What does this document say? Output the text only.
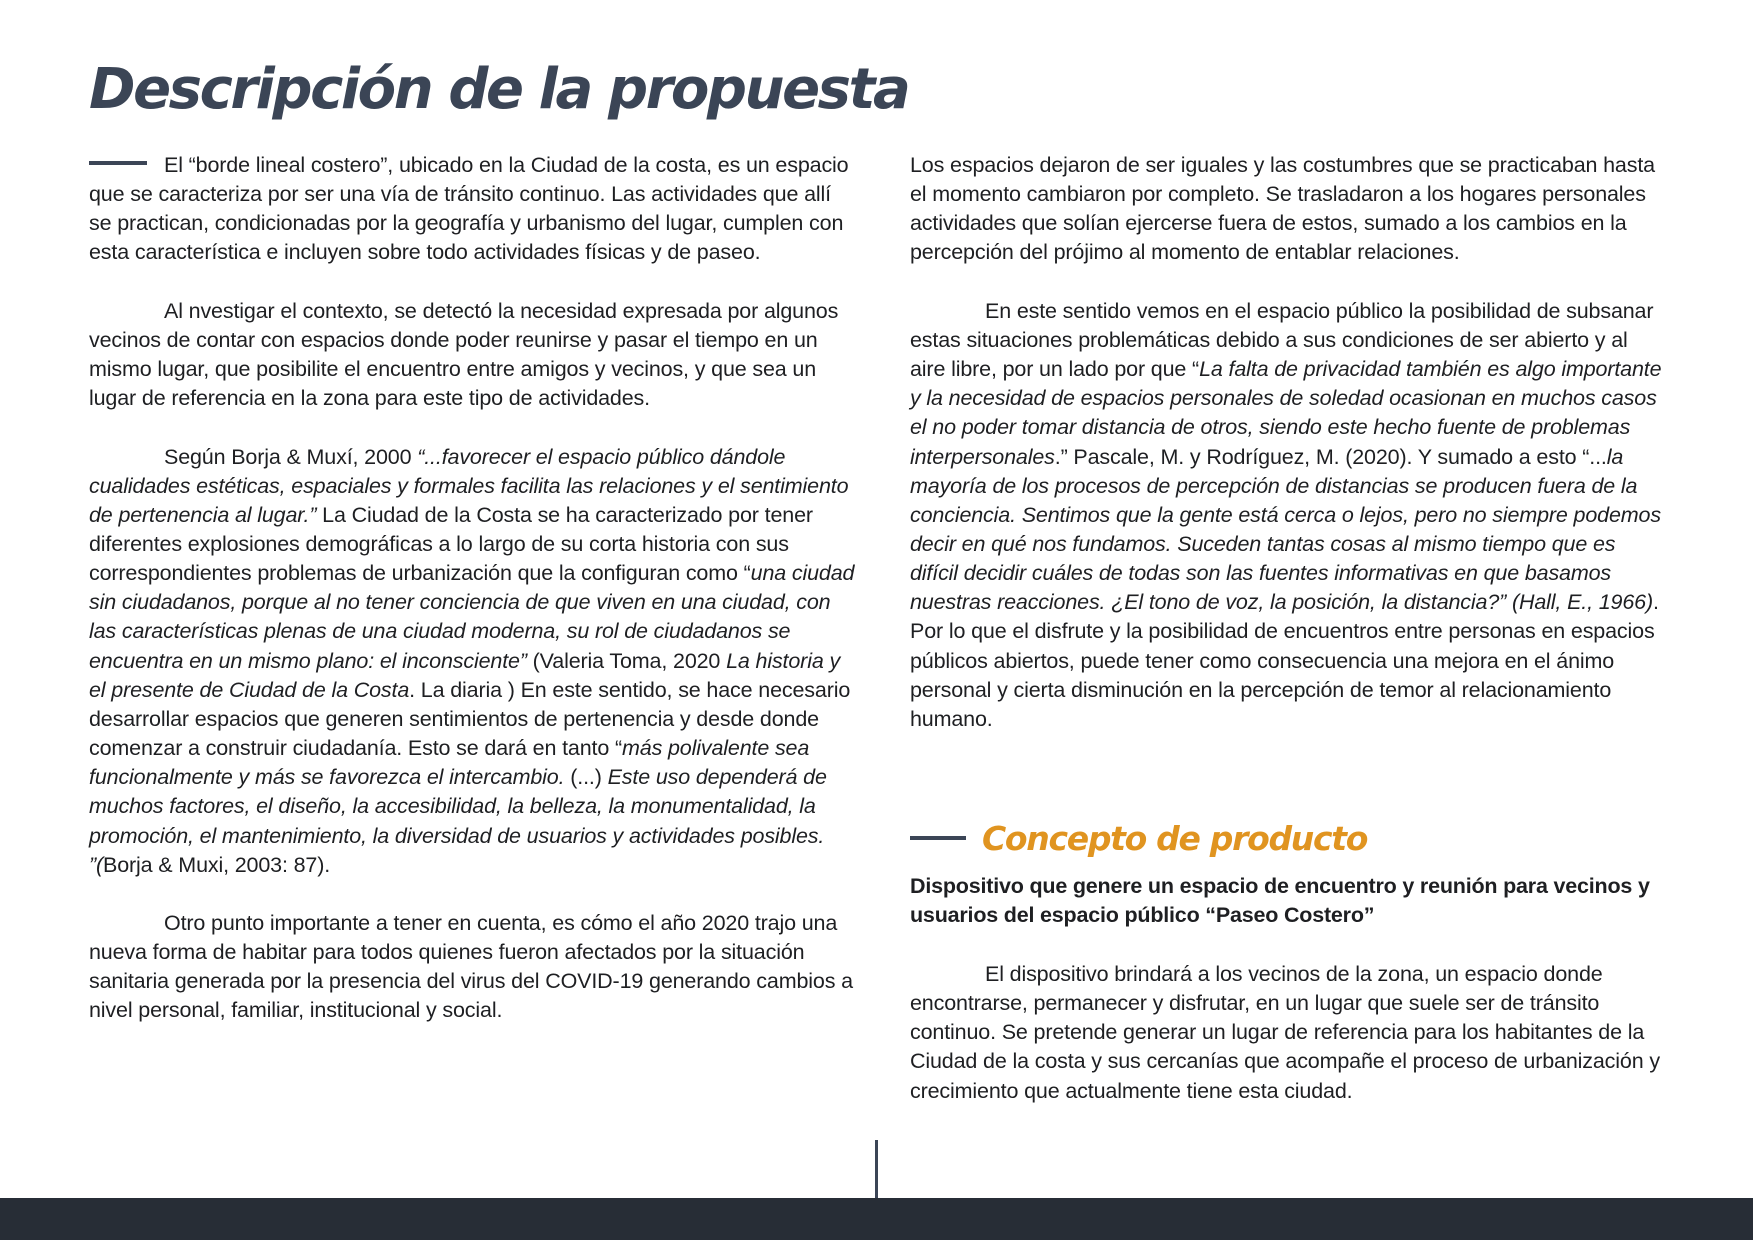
Descripción de la propuesta

El “borde lineal costero”, ubicado en la Ciudad de la costa, es un espacio que se caracteriza por ser una vía de tránsito continuo. Las actividades que allí se practican, condicionadas por la geografía y urbanismo del lugar, cumplen con esta característica e incluyen sobre todo actividades físicas y de paseo.

Al nvestigar el contexto, se detectó la necesidad expresada por algunos vecinos de contar con espacios donde poder reunirse y pasar el tiempo en un mismo lugar, que posibilite el encuentro entre amigos y vecinos, y que sea un lugar de referencia en la zona para este tipo de actividades.

Según Borja & Muxí, 2000 “...favorecer el espacio público dándole cualidades estéticas, espaciales y formales facilita las relaciones y el sentimiento de pertenencia al lugar.” La Ciudad de la Costa se ha caracterizado por tener diferentes explosiones demográficas a lo largo de su corta historia con sus correspondientes problemas de urbanización que la configuran como “una ciudad sin ciudadanos, porque al no tener conciencia de que viven en una ciudad, con las características plenas de una ciudad moderna, su rol de ciudadanos se encuentra en un mismo plano: el inconsciente” (Valeria Toma, 2020 La historia y el presente de Ciudad de la Costa. La diaria ) En este sentido, se hace necesario desarrollar espacios que generen sentimientos de pertenencia y desde donde comenzar a construir ciudadanía. Esto se dará en tanto “más polivalente sea funcionalmente y más se favorezca el intercambio. (...) Este uso dependerá de muchos factores, el diseño, la accesibilidad, la belleza, la monumentalidad, la promoción, el mantenimiento, la diversidad de usuarios y actividades posibles. ”(Borja & Muxi, 2003: 87).

Otro punto importante a tener en cuenta, es cómo el año 2020 trajo una nueva forma de habitar para todos quienes fueron afectados por la situación sanitaria generada por la presencia del virus del COVID-19 generando cambios a nivel personal, familiar, institucional y social.

Los espacios dejaron de ser iguales y las costumbres que se practicaban hasta el momento cambiaron por completo. Se trasladaron a los hogares personales actividades que solían ejercerse fuera de estos, sumado a los cambios en la percepción del prójimo al momento de entablar relaciones.

En este sentido vemos en el espacio público la posibilidad de subsanar estas situaciones problemáticas debido a sus condiciones de ser abierto y al aire libre, por un lado por que “La falta de privacidad también es algo importante y la necesidad de espacios personales de soledad ocasionan en muchos casos el no poder tomar distancia de otros, siendo este hecho fuente de problemas interpersonales.” Pascale, M. y Rodríguez, M. (2020). Y sumado a esto “...la mayoría de los procesos de percepción de distancias se producen fuera de la conciencia. Sentimos que la gente está cerca o lejos, pero no siempre podemos decir en qué nos fundamos. Suceden tantas cosas al mismo tiempo que es difícil decidir cuáles de todas son las fuentes informativas en que basamos nuestras reacciones. ¿El tono de voz, la posición, la distancia?” (Hall, E., 1966). Por lo que el disfrute y la posibilidad de encuentros entre personas en espacios públicos abiertos, puede tener como consecuencia una mejora en el ánimo personal y cierta disminución en la percepción de temor al relacionamiento humano.

Concepto de producto

Dispositivo que genere un espacio de encuentro y reunión para vecinos y usuarios del espacio público “Paseo Costero”

El dispositivo brindará a los vecinos de la zona, un espacio donde encontrarse, permanecer y disfrutar, en un lugar que suele ser de tránsito continuo. Se pretende generar un lugar de referencia para los habitantes de la Ciudad de la costa y sus cercanías que acompañe el proceso de urbanización y crecimiento que actualmente tiene esta ciudad.
